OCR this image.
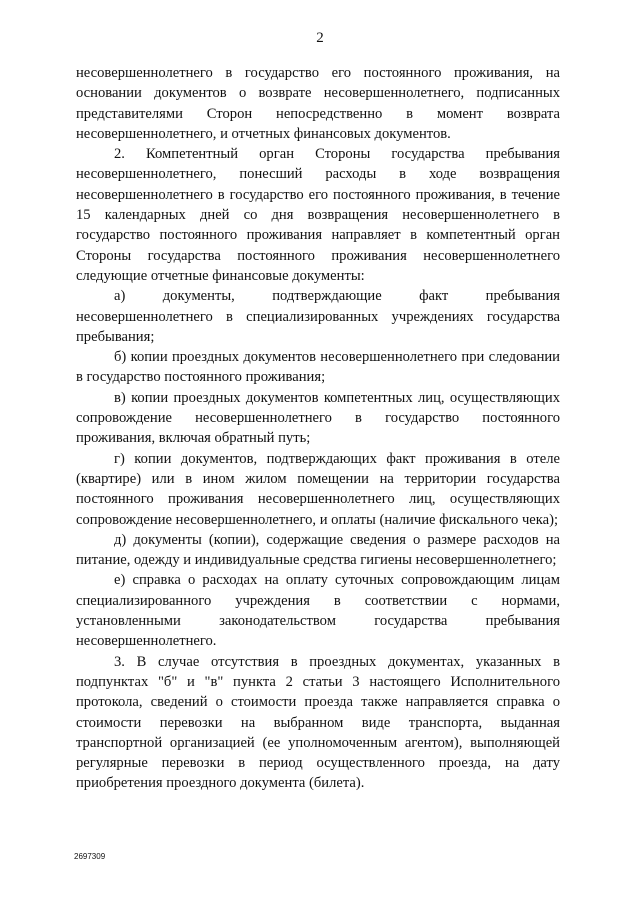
2

несовершеннолетнего в государство его постоянного проживания, на основании документов о возврате несовершеннолетнего, подписанных представителями Сторон непосредственно в момент возврата несовершеннолетнего, и отчетных финансовых документов.

2. Компетентный орган Стороны государства пребывания несовершеннолетнего, понесший расходы в ходе возвращения несовершеннолетнего в государство его постоянного проживания, в течение 15 календарных дней со дня возвращения несовершеннолетнего в государство постоянного проживания направляет в компетентный орган Стороны государства постоянного проживания несовершеннолетнего следующие отчетные финансовые документы:

а) документы, подтверждающие факт пребывания несовершеннолетнего в специализированных учреждениях государства пребывания;

б) копии проездных документов несовершеннолетнего при следовании в государство постоянного проживания;

в) копии проездных документов компетентных лиц, осуществляющих сопровождение несовершеннолетнего в государство постоянного проживания, включая обратный путь;

г) копии документов, подтверждающих факт проживания в отеле (квартире) или в ином жилом помещении на территории государства постоянного проживания несовершеннолетнего лиц, осуществляющих сопровождение несовершеннолетнего, и оплаты (наличие фискального чека);

д) документы (копии), содержащие сведения о размере расходов на питание, одежду и индивидуальные средства гигиены несовершеннолетнего;

е) справка о расходах на оплату суточных сопровождающим лицам специализированного учреждения в соответствии с нормами, установленными законодательством государства пребывания несовершеннолетнего.

3. В случае отсутствия в проездных документах, указанных в подпунктах "б" и "в" пункта 2 статьи 3 настоящего Исполнительного протокола, сведений о стоимости проезда также направляется справка о стоимости перевозки на выбранном виде транспорта, выданная транспортной организацией (ее уполномоченным агентом), выполняющей регулярные перевозки в период осуществленного проезда, на дату приобретения проездного документа (билета).

2697309
